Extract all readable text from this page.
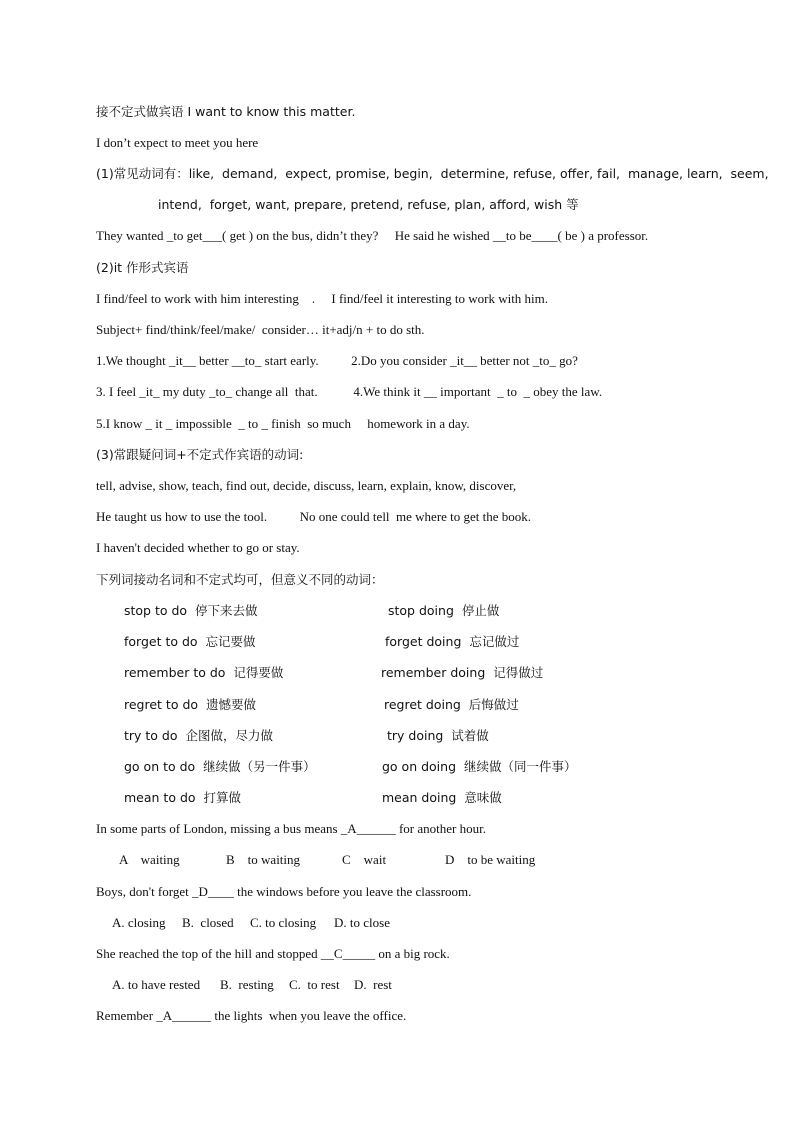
接不定式做宾语 I want to know this matter.
I don’t expect to meet you here
(1)常见动词有：like,  demand,  expect, promise, begin,  determine, refuse, offer, fail,  manage, learn,  seem,
intend,  forget, want, prepare, pretend, refuse, plan, afford, wish 等
They wanted _to get___( get ) on the bus, didn’t they?     He said he wished __to be____( be ) a professor.
(2)it 作形式宾语
I find/feel to work with him interesting    .     I find/feel it interesting to work with him.
Subject+ find/think/feel/make/  consider… it+adj/n + to do sth.
1.We thought _it__ better __to_ start early.          2.Do you consider _it__ better not _to_ go?
3. I feel _it_ my duty _to_ change all  that.           4.We think it __ important  _ to  _ obey the law.
5.I know _ it _ impossible  _ to _ finish  so much     homework in a day.
(3)常跟疑问词+不定式作宾语的动词:
tell, advise, show, teach, find out, decide, discuss, learn, explain, know, discover,
He taught us how to use the tool.          No one could tell  me where to get the book.
I haven't decided whether to go or stay.
下列词接动名词和不定式均可，但意义不同的动词：
stop to do  停下来去做	stop doing  停止做
forget to do  忘记要做	forget doing  忘记做过
remember to do  记得要做	remember doing  记得做过
regret to do  遗憾要做	regret doing  后悔做过
try to do  企图做，尽力做	try doing  试着做
go on to do  继续做（另一件事）	go on doing  继续做（同一件事）
mean to do  打算做	mean doing  意味做
In some parts of London, missing a bus means _A______ for another hour.
A    waiting	B    to waiting	C    wait	D    to be waiting
Boys, don't forget _D____ the windows before you leave the classroom.
A. closing B.  closed C. to closing D. to close
She reached the top of the hill and stopped __C_____ on a big rock.
A. to have rested B.  resting C.  to rest D.  rest
Remember _A______ the lights  when you leave the office.
